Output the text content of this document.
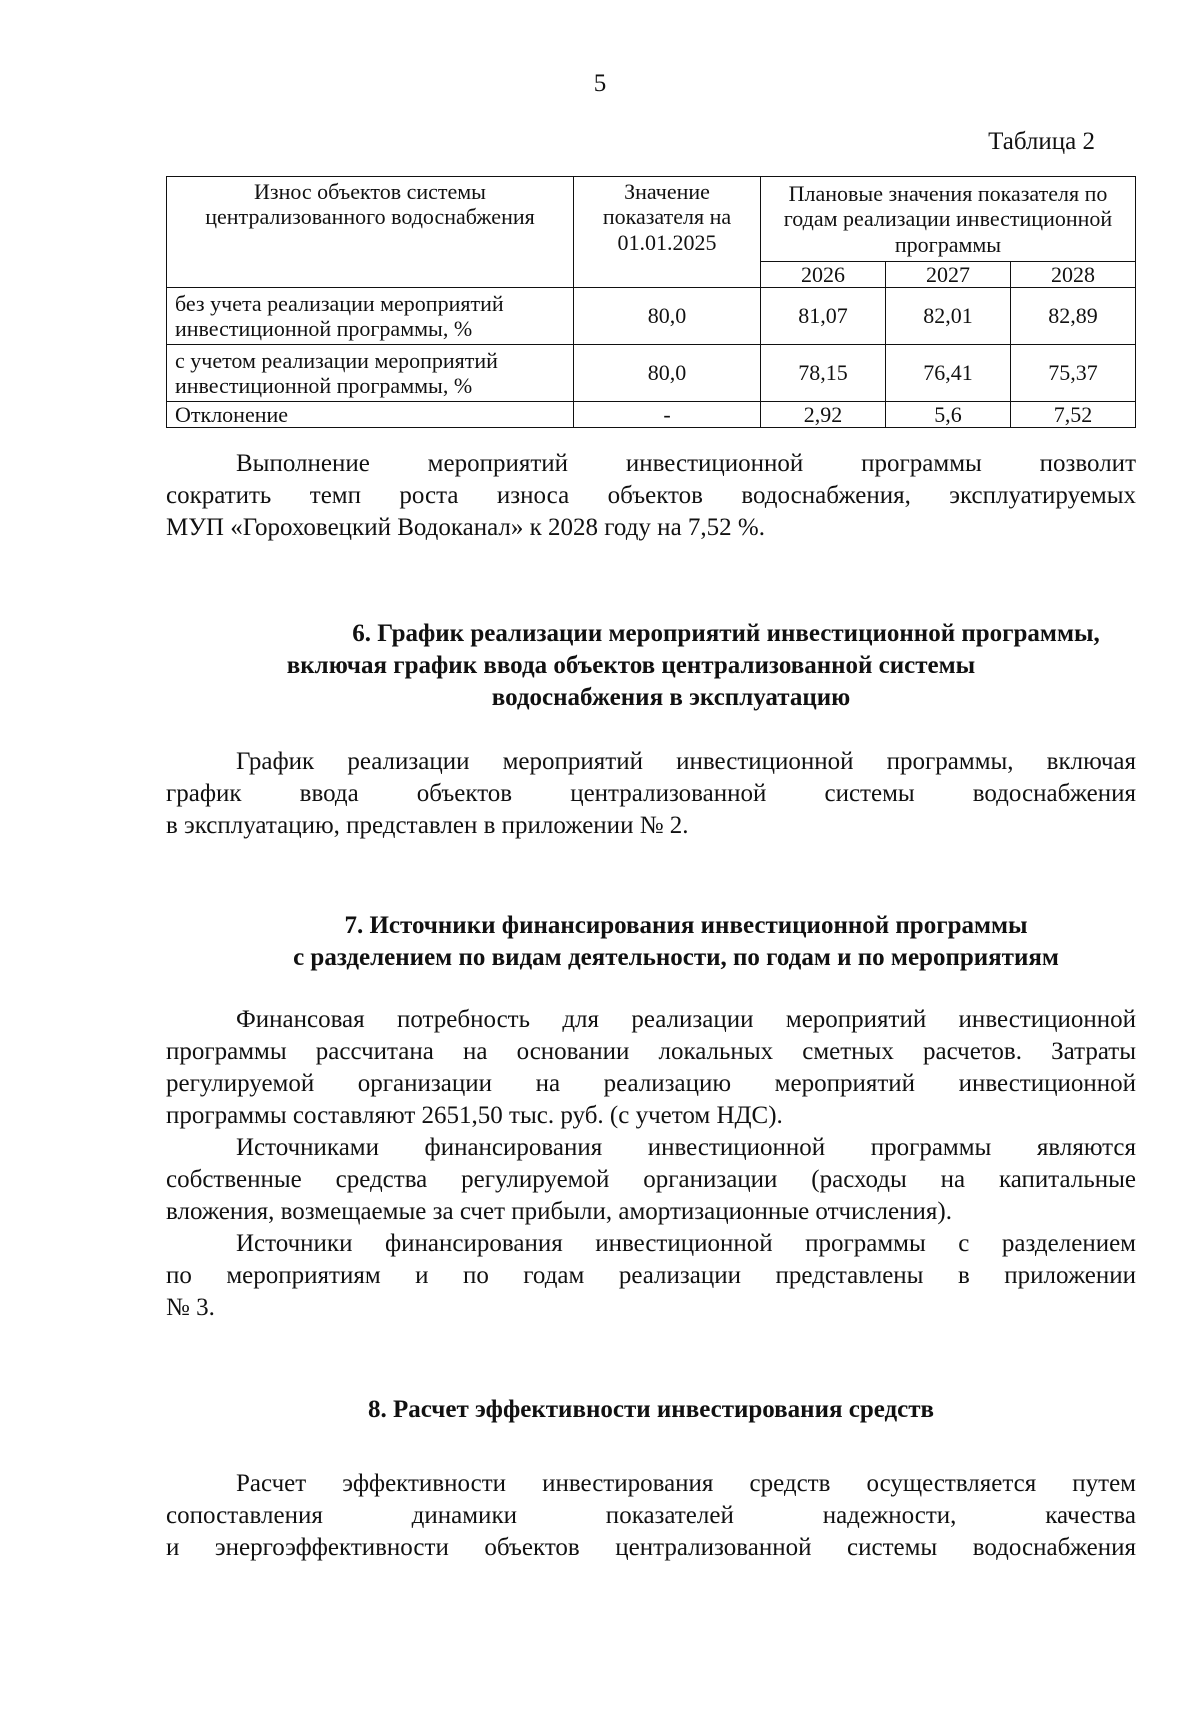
5
Таблица 2
Износ объектов системы централизованного водоснабжения	Значение показателя на 01.01.2025	Плановые значения показателя по годам реализации инвестиционной программы		
		2026	2027	2028
без учета реализации мероприятий инвестиционной программы, %	80,0	81,07	82,01	82,89
с учетом реализации мероприятий инвестиционной программы, %	80,0	78,15	76,41	75,37
Отклонение	-	2,92	5,6	7,52
Выполнение мероприятий инвестиционной программы позволит
сократить темп роста износа объектов водоснабжения, эксплуатируемых
МУП «Гороховецкий Водоканал» к 2028 году на 7,52 %.
6. График реализации мероприятий инвестиционной программы,
включая график ввода объектов централизованной системы
водоснабжения в эксплуатацию
График реализации мероприятий инвестиционной программы, включая
график ввода объектов централизованной системы водоснабжения
в эксплуатацию, представлен в приложении № 2.
7. Источники финансирования инвестиционной программы
с разделением по видам деятельности, по годам и по мероприятиям
Финансовая потребность для реализации мероприятий инвестиционной
программы рассчитана на основании локальных сметных расчетов. Затраты
регулируемой организации на реализацию мероприятий инвестиционной
программы составляют 2651,50 тыс. руб. (с учетом НДС).
Источниками финансирования инвестиционной программы являются
собственные средства регулируемой организации (расходы на капитальные
вложения, возмещаемые за счет прибыли, амортизационные отчисления).
Источники финансирования инвестиционной программы с разделением
по мероприятиям и по годам реализации представлены в приложении
№ 3.
8. Расчет эффективности инвестирования средств
Расчет эффективности инвестирования средств осуществляется путем
сопоставления динамики показателей надежности, качества
и энергоэффективности объектов централизованной системы водоснабжения
